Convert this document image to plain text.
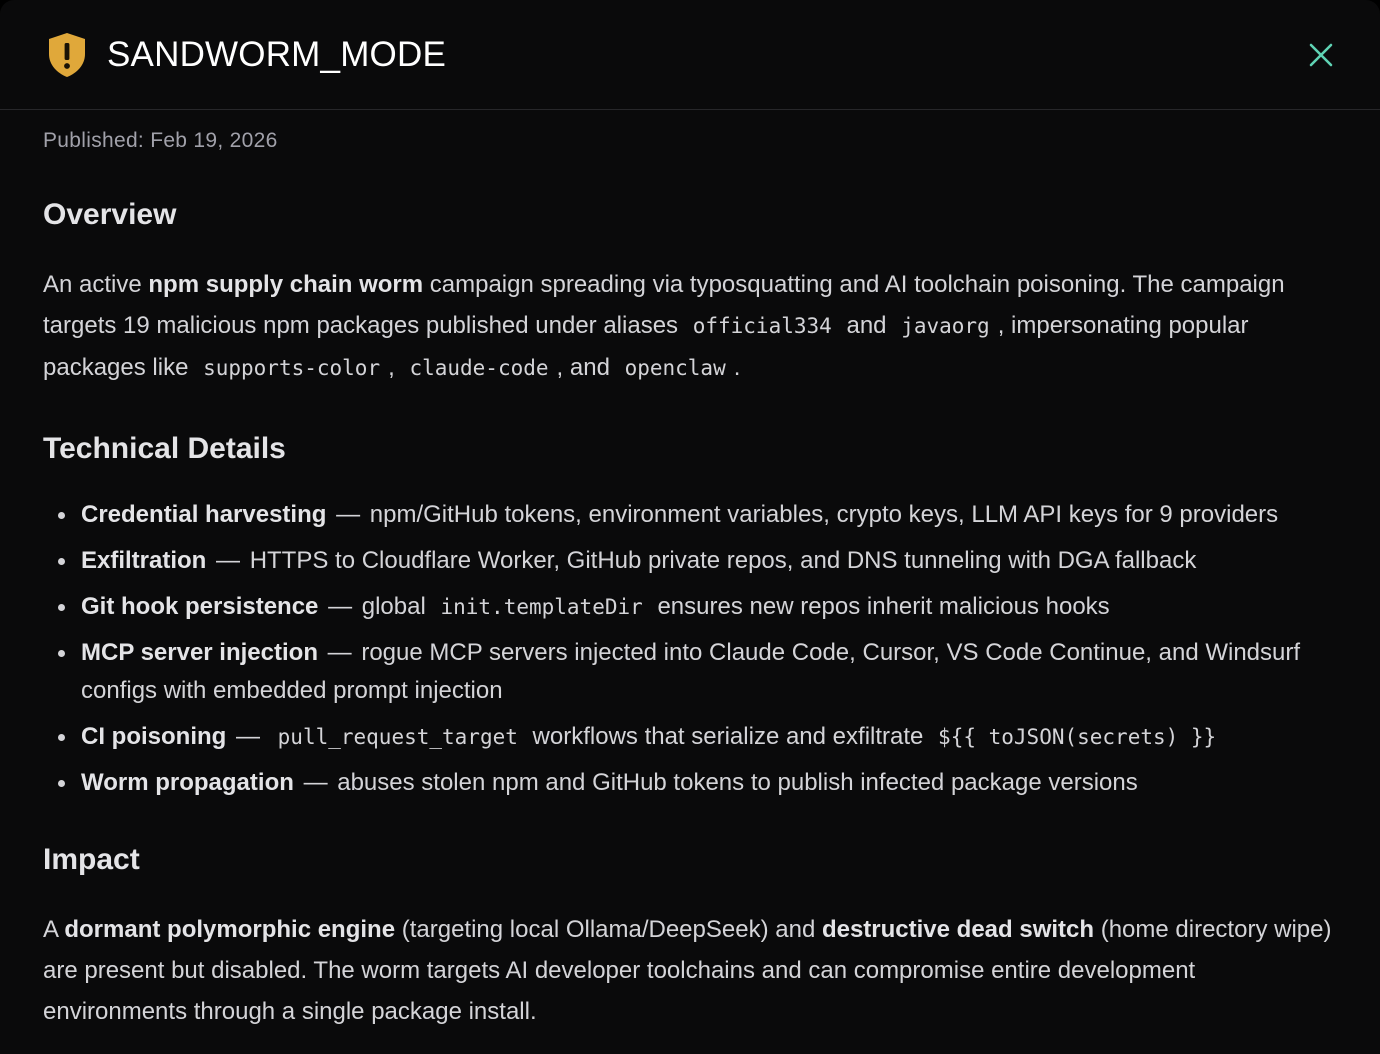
SANDWORM_MODE
Published: Feb 19, 2026
Overview

An active npm supply chain worm campaign spreading via typosquatting and AI toolchain poisoning. The campaign targets 19 malicious npm packages published under aliases official334 and javaorg , impersonating popular packages like supports-color , claude-code , and openclaw .

Technical Details
Credential harvesting — npm/GitHub tokens, environment variables, crypto keys, LLM API keys for 9 providers
Exfiltration — HTTPS to Cloudflare Worker, GitHub private repos, and DNS tunneling with DGA fallback
Git hook persistence — global init.templateDir ensures new repos inherit malicious hooks
MCP server injection — rogue MCP servers injected into Claude Code, Cursor, VS Code Continue, and Windsurf configs with embedded prompt injection
CI poisoning — pull_request_target workflows that serialize and exfiltrate ${{ toJSON(secrets) }}
Worm propagation — abuses stolen npm and GitHub tokens to publish infected package versions
Impact

A dormant polymorphic engine (targeting local Ollama/DeepSeek) and destructive dead switch (home directory wipe) are present but disabled. The worm targets AI developer toolchains and can compromise entire development environments through a single package install.
